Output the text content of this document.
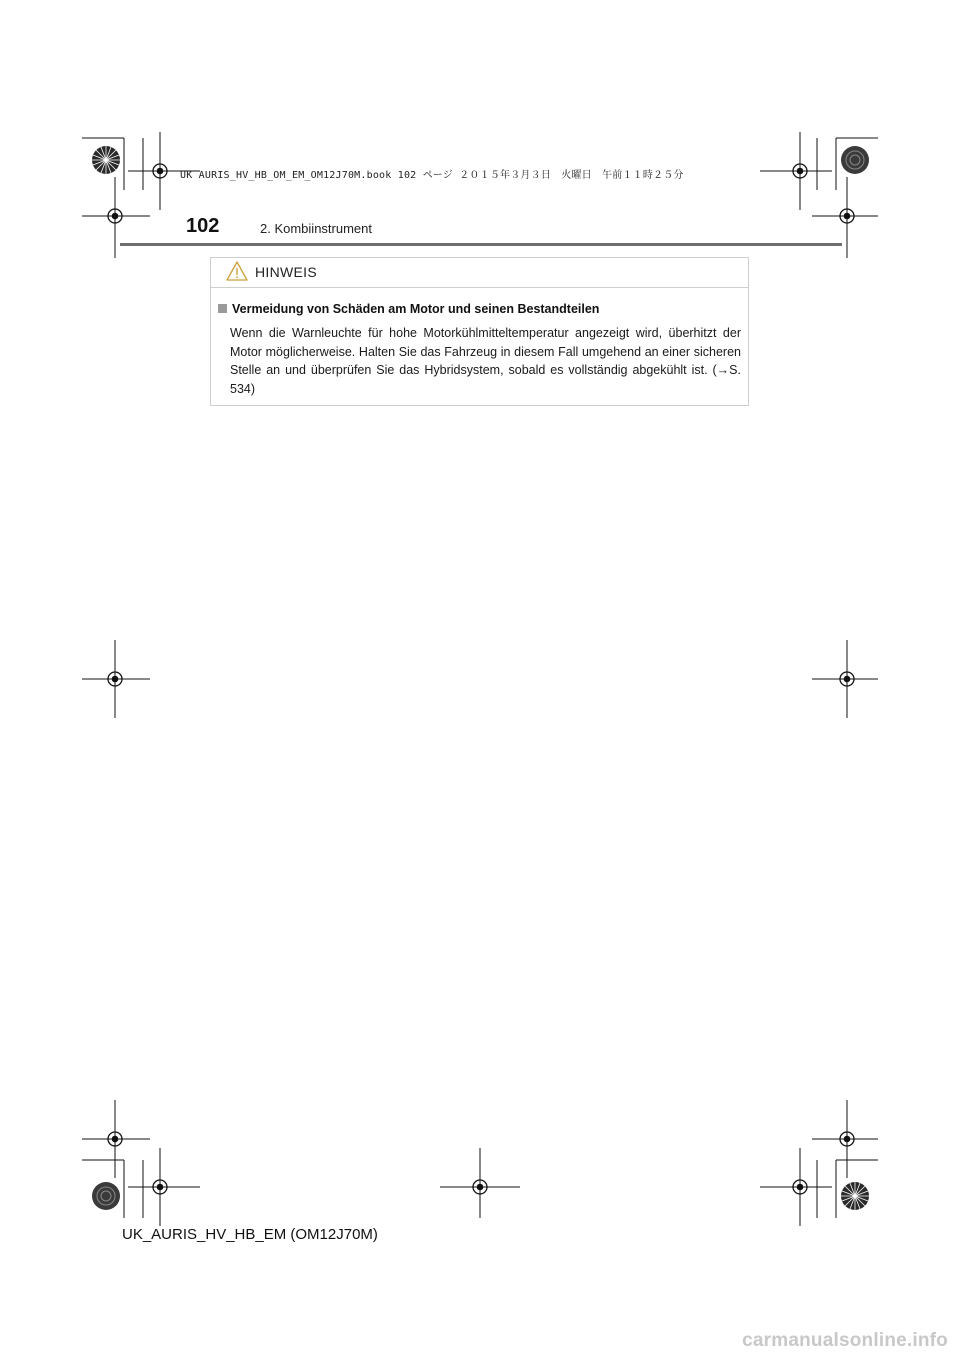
UK AURIS_HV_HB_OM_EM_OM12J70M.book 102 ページ ２０１５年３月３日　火曜日　午前１１時２５分
102	2. Kombiinstrument
HINWEIS
Vermeidung von Schäden am Motor und seinen Bestandteilen
Wenn die Warnleuchte für hohe Motorkühlmitteltemperatur angezeigt wird, überhitzt der Motor möglicherweise. Halten Sie das Fahrzeug in diesem Fall umgehend an einer sicheren Stelle an und überprüfen Sie das Hybridsystem, sobald es vollständig abgekühlt ist. (→S. 534)
UK_AURIS_HV_HB_EM (OM12J70M)
carmanualsonline.info
